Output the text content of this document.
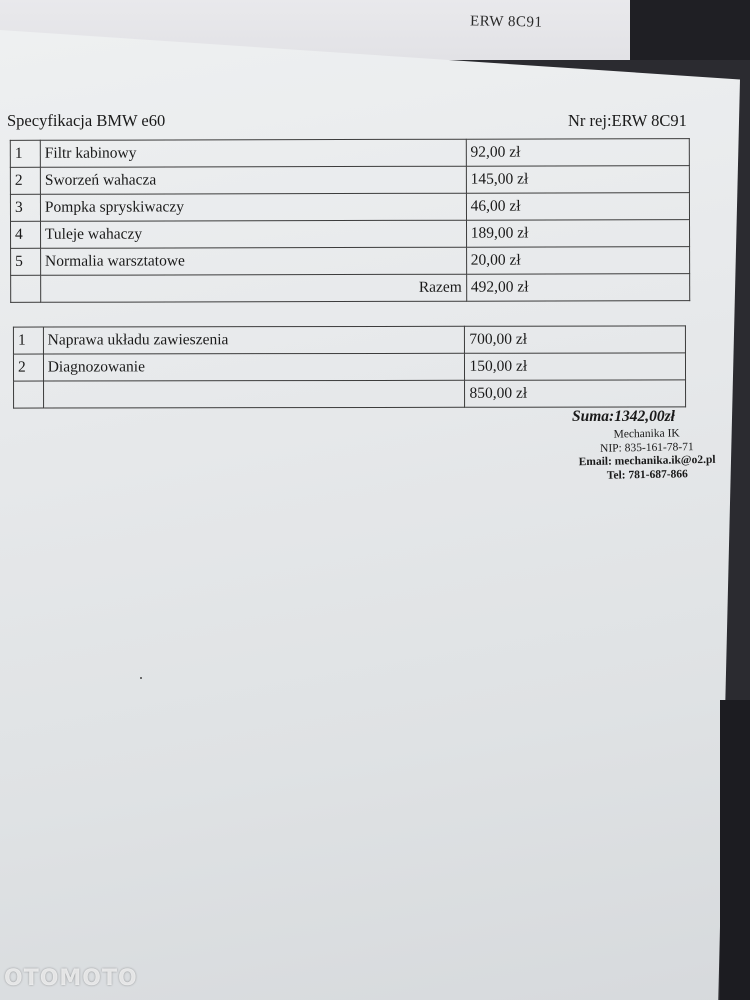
ERW 8C91
Specyfikacja BMW e60	Nr rej:ERW 8C91
1	Filtr kabinowy	92,00 zł
2	Sworzeń wahacza	145,00 zł
3	Pompka spryskiwaczy	46,00 zł
4	Tuleje wahaczy	189,00 zł
5	Normalia warsztatowe	20,00 zł
	Razem	492,00 zł
1	Naprawa układu zawieszenia	700,00 zł
2	Diagnozowanie	150,00 zł
		850,00 zł
Suma:1342,00zł
Mechanika IK
NIP: 835-161-78-71
Email: mechanika.ik@o2.pl
Tel: 781-687-866
OTOMOTO
